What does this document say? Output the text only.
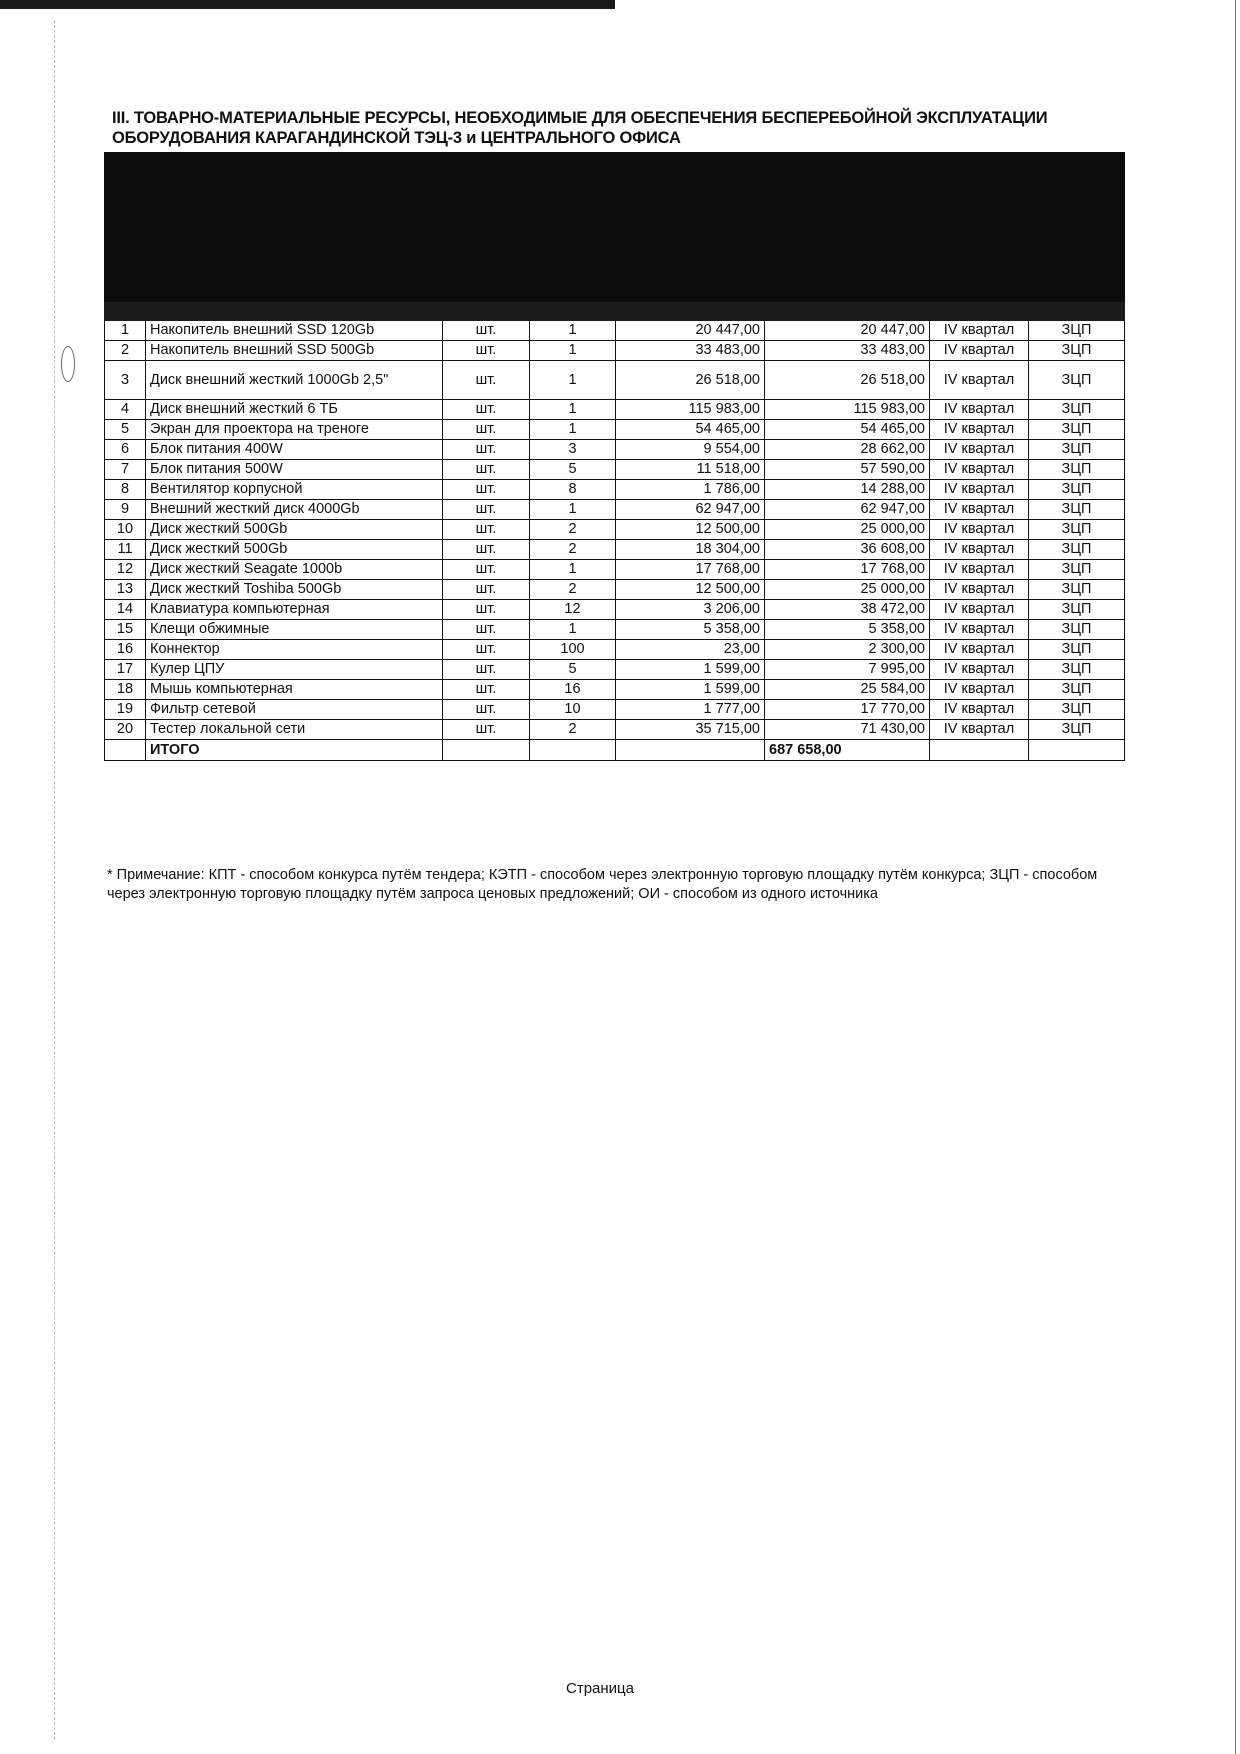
III. ТОВАРНО-МАТЕРИАЛЬНЫЕ РЕСУРСЫ, НЕОБХОДИМЫЕ ДЛЯ ОБЕСПЕЧЕНИЯ БЕСПЕРЕБОЙНОЙ ЭКСПЛУАТАЦИИ ОБОРУДОВАНИЯ КАРАГАНДИНСКОЙ ТЭЦ-3 и ЦЕНТРАЛЬНОГО ОФИСА

1	Накопитель внешний SSD 120Gb	шт.	1	20 447,00	20 447,00	IV квартал	ЗЦП
2	Накопитель внешний SSD 500Gb	шт.	1	33 483,00	33 483,00	IV квартал	ЗЦП
3	Диск внешний жесткий 1000Gb 2,5"	шт.	1	26 518,00	26 518,00	IV квартал	ЗЦП
4	Диск внешний жесткий 6 ТБ	шт.	1	115 983,00	115 983,00	IV квартал	ЗЦП
5	Экран для проектора на треноге	шт.	1	54 465,00	54 465,00	IV квартал	ЗЦП
6	Блок питания 400W	шт.	3	9 554,00	28 662,00	IV квартал	ЗЦП
7	Блок питания 500W	шт.	5	11 518,00	57 590,00	IV квартал	ЗЦП
8	Вентилятор корпусной	шт.	8	1 786,00	14 288,00	IV квартал	ЗЦП
9	Внешний жесткий диск 4000Gb	шт.	1	62 947,00	62 947,00	IV квартал	ЗЦП
10	Диск жесткий 500Gb	шт.	2	12 500,00	25 000,00	IV квартал	ЗЦП
11	Диск жесткий 500Gb	шт.	2	18 304,00	36 608,00	IV квартал	ЗЦП
12	Диск жесткий Seagate 1000b	шт.	1	17 768,00	17 768,00	IV квартал	ЗЦП
13	Диск жесткий Toshiba 500Gb	шт.	2	12 500,00	25 000,00	IV квартал	ЗЦП
14	Клавиатура компьютерная	шт.	12	3 206,00	38 472,00	IV квартал	ЗЦП
15	Клещи обжимные	шт.	1	5 358,00	5 358,00	IV квартал	ЗЦП
16	Коннектор	шт.	100	23,00	2 300,00	IV квартал	ЗЦП
17	Кулер ЦПУ	шт.	5	1 599,00	7 995,00	IV квартал	ЗЦП
18	Мышь компьютерная	шт.	16	1 599,00	25 584,00	IV квартал	ЗЦП
19	Фильтр сетевой	шт.	10	1 777,00	17 770,00	IV квартал	ЗЦП
20	Тестер локальной сети	шт.	2	35 715,00	71 430,00	IV квартал	ЗЦП
	ИТОГО				687 658,00		
* Примечание: КПТ - способом конкурса путём тендера; КЭТП - способом через электронную торговую площадку путём конкурса; ЗЦП - способом через электронную торговую площадку путём запроса ценовых предложений; ОИ - способом из одного источника
Страница
